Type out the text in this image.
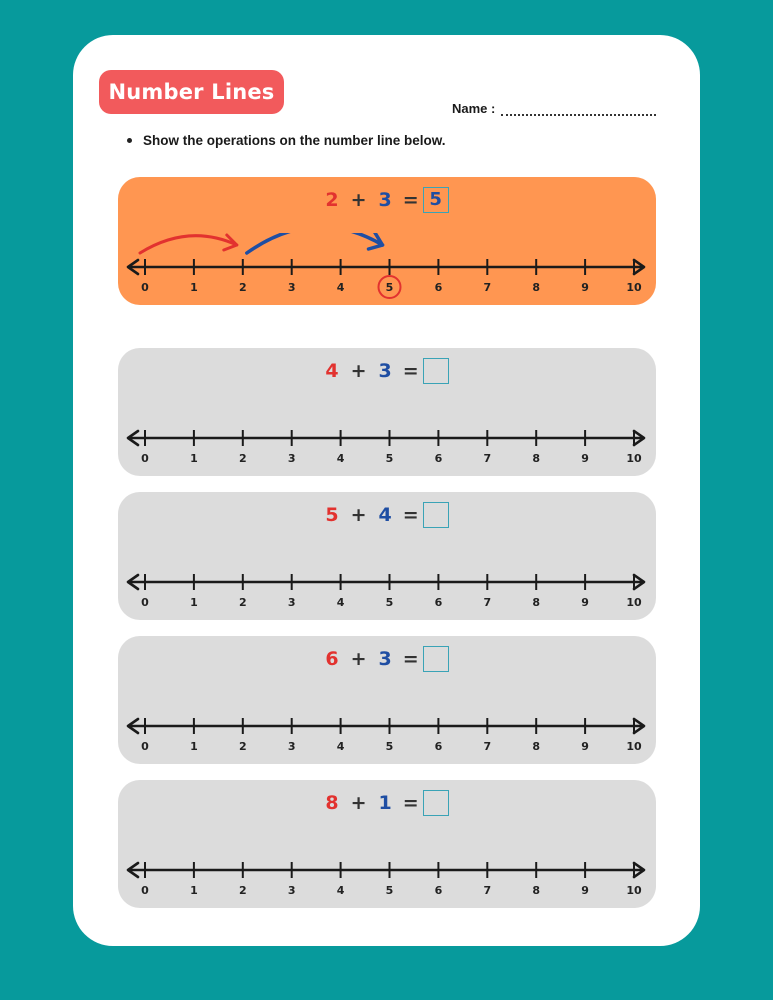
Number Lines
Name :
Show the operations on the number line below.
2 + 3 = 5
0	1	2	3	4	5	6	7	8	9	10
4 + 3 =
0	1	2	3	4	5	6	7	8	9	10
5 + 4 =
0	1	2	3	4	5	6	7	8	9	10
6 + 3 =
0	1	2	3	4	5	6	7	8	9	10
8 + 1 =
0	1	2	3	4	5	6	7	8	9	10
